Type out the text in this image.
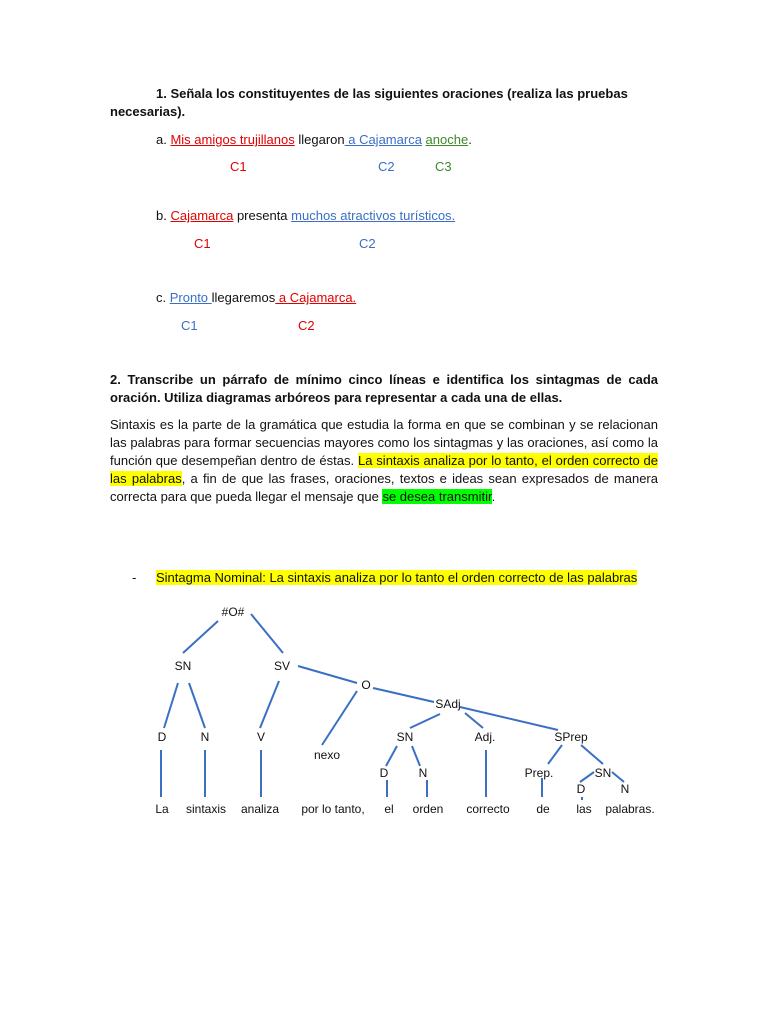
1. Señala los constituyentes de las siguientes oraciones (realiza las pruebas
necesarias).
a. Mis amigos trujillanos llegaron a Cajamarca anoche.
C1	C2	C3
b. Cajamarca presenta muchos atractivos turísticos.
C1	C2
c. Pronto llegaremos a Cajamarca.
C1	C2
2. Transcribe un párrafo de mínimo cinco líneas e identifica los sintagmas de cada oración. Utiliza diagramas arbóreos para representar a cada una de ellas.
Sintaxis es la parte de la gramática que estudia la forma en que se combinan y se relacionan las palabras para formar secuencias mayores como los sintagmas y las oraciones, así como la función que desempeñan dentro de éstas. La sintaxis analiza por lo tanto, el orden correcto de las palabras, a fin de que las frases, oraciones, textos e ideas sean expresados de manera correcta para que pueda llegar el mensaje que se desea transmitir.
- Sintagma Nominal: La sintaxis analiza por lo tanto el orden correcto de las palabras
#O#
SN	SV
O
SAdj
D	N	V
nexo
SN	Adj.	SPrep
D	N	Prep.	SN
D	N
La sintaxis analiza por lo tanto, el orden correcto de las palabras.
